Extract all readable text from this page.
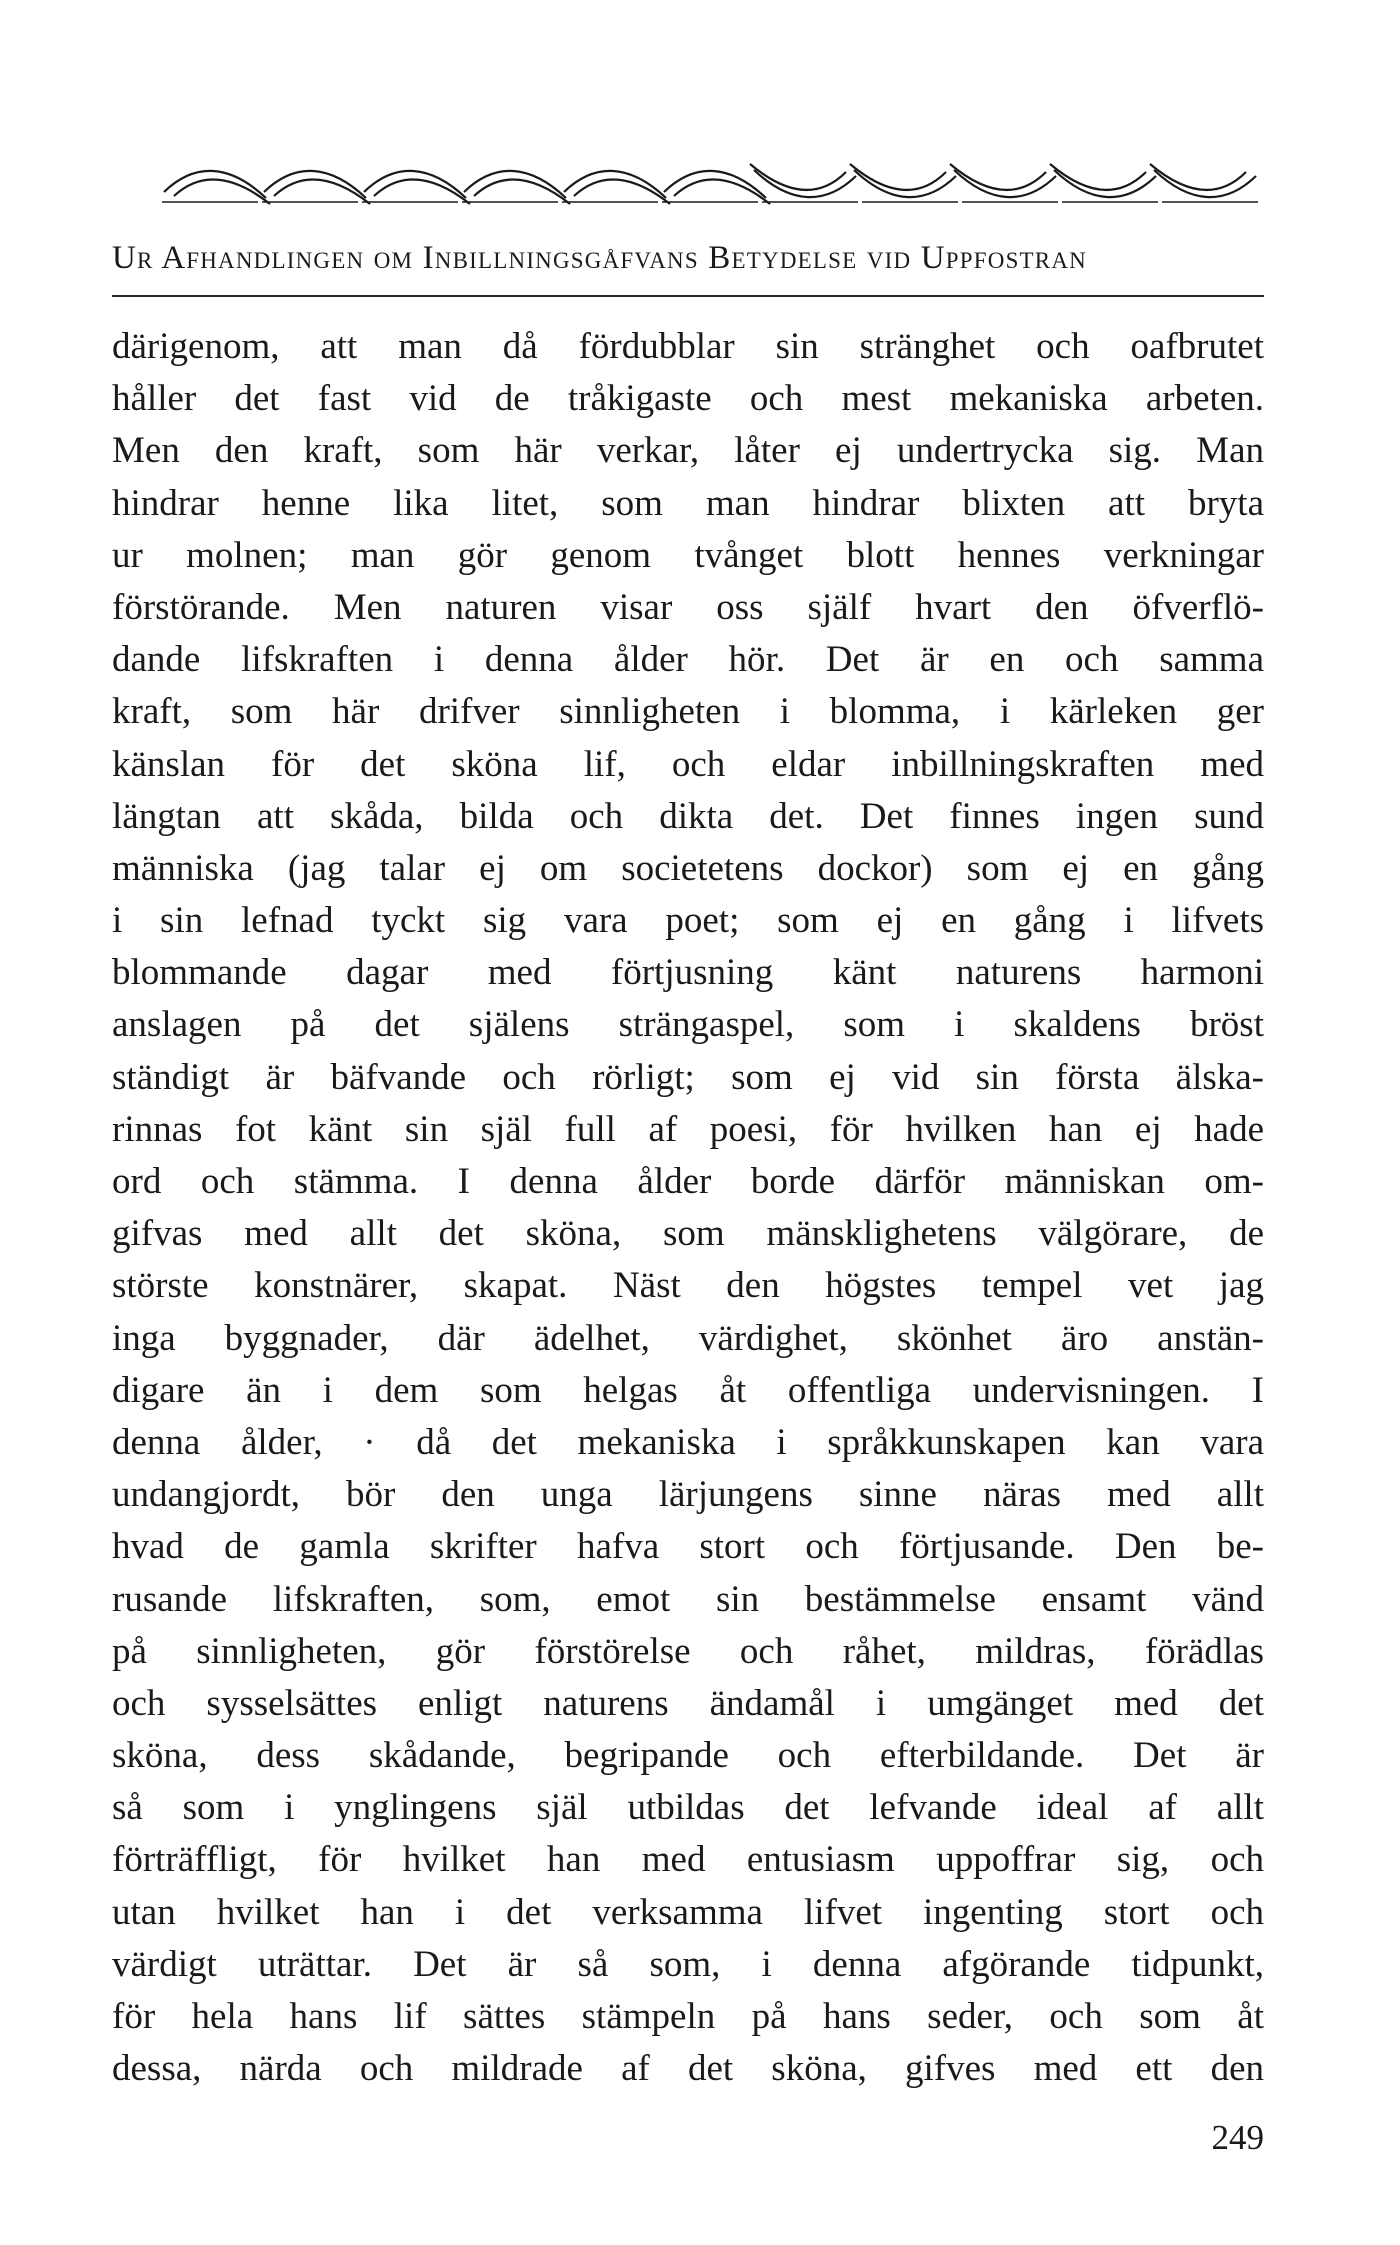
Ur Afhandlingen om Inbillningsgåfvans Betydelse vid Uppfostran
därigenom, att man då fördubblar sin stränghet och oafbrutet
håller det fast vid de tråkigaste och mest mekaniska arbeten.
Men den kraft, som här verkar, låter ej undertrycka sig. Man
hindrar henne lika litet, som man hindrar blixten att bryta
ur molnen; man gör genom tvånget blott hennes verkningar
förstörande. Men naturen visar oss själf hvart den öfverflö-
dande lifskraften i denna ålder hör. Det är en och samma
kraft, som här drifver sinnligheten i blomma, i kärleken ger
känslan för det sköna lif, och eldar inbillningskraften med
längtan att skåda, bilda och dikta det. Det finnes ingen sund
människa (jag talar ej om societetens dockor) som ej en gång
i sin lefnad tyckt sig vara poet; som ej en gång i lifvets
blommande dagar med förtjusning känt naturens harmoni
anslagen på det själens strängaspel, som i skaldens bröst
ständigt är bäfvande och rörligt; som ej vid sin första älska-
rinnas fot känt sin själ full af poesi, för hvilken han ej hade
ord och stämma. I denna ålder borde därför människan om-
gifvas med allt det sköna, som mänsklighetens välgörare, de
störste konstnärer, skapat. Näst den högstes tempel vet jag
inga byggnader, där ädelhet, värdighet, skönhet äro anstän-
digare än i dem som helgas åt offentliga undervisningen. I
denna ålder, · då det mekaniska i språkkunskapen kan vara
undangjordt, bör den unga lärjungens sinne näras med allt
hvad de gamla skrifter hafva stort och förtjusande. Den be-
rusande lifskraften, som, emot sin bestämmelse ensamt vänd
på sinnligheten, gör förstörelse och råhet, mildras, förädlas
och sysselsättes enligt naturens ändamål i umgänget med det
sköna, dess skådande, begripande och efterbildande. Det är
så som i ynglingens själ utbildas det lefvande ideal af allt
förträffligt, för hvilket han med entusiasm uppoffrar sig, och
utan hvilket han i det verksamma lifvet ingenting stort och
värdigt uträttar. Det är så som, i denna afgörande tidpunkt,
för hela hans lif sättes stämpeln på hans seder, och som åt
dessa, närda och mildrade af det sköna, gifves med ett den
249
